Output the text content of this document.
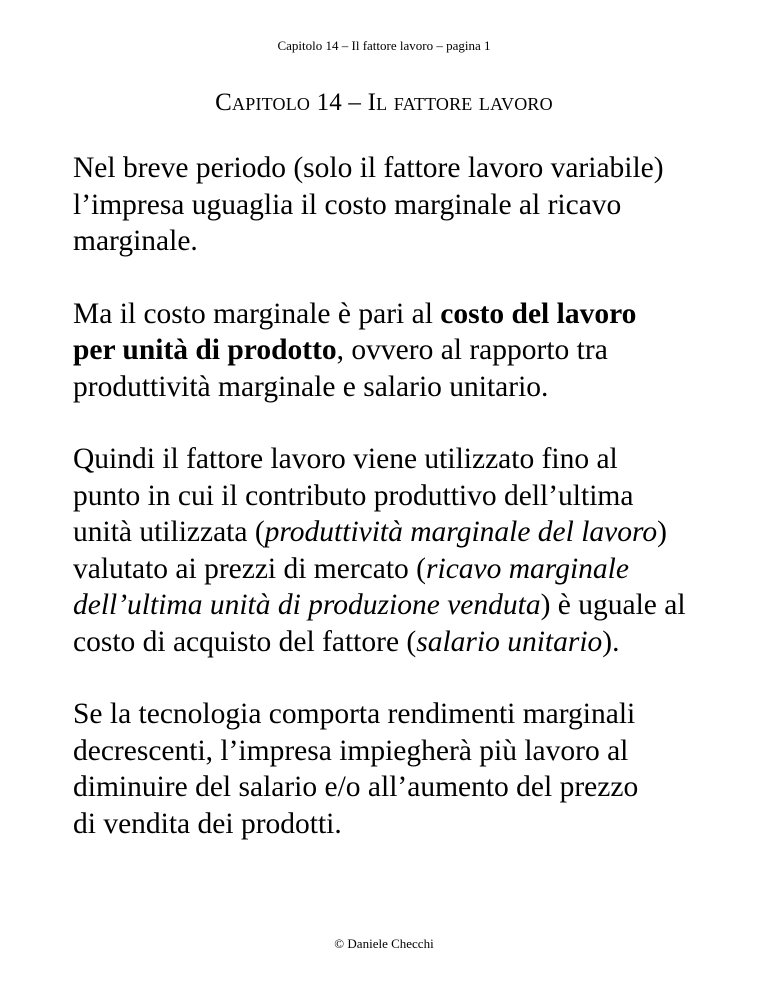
Capitolo 14 – Il fattore lavoro – pagina 1
Capitolo 14 – Il fattore lavoro

Nel breve periodo (solo il fattore lavoro variabile)
l’impresa uguaglia il costo marginale al ricavo
marginale.

Ma il costo marginale è pari al costo del lavoro
per unità di prodotto, ovvero al rapporto tra
produttività marginale e salario unitario.

Quindi il fattore lavoro viene utilizzato fino al
punto in cui il contributo produttivo dell’ultima
unità utilizzata (produttività marginale del lavoro)
valutato ai prezzi di mercato (ricavo marginale
dell’ultima unità di produzione venduta) è uguale al
costo di acquisto del fattore (salario unitario).

Se la tecnologia comporta rendimenti marginali
decrescenti, l’impresa impiegherà più lavoro al
diminuire del salario e/o all’aumento del prezzo
di vendita dei prodotti.

© Daniele Checchi
